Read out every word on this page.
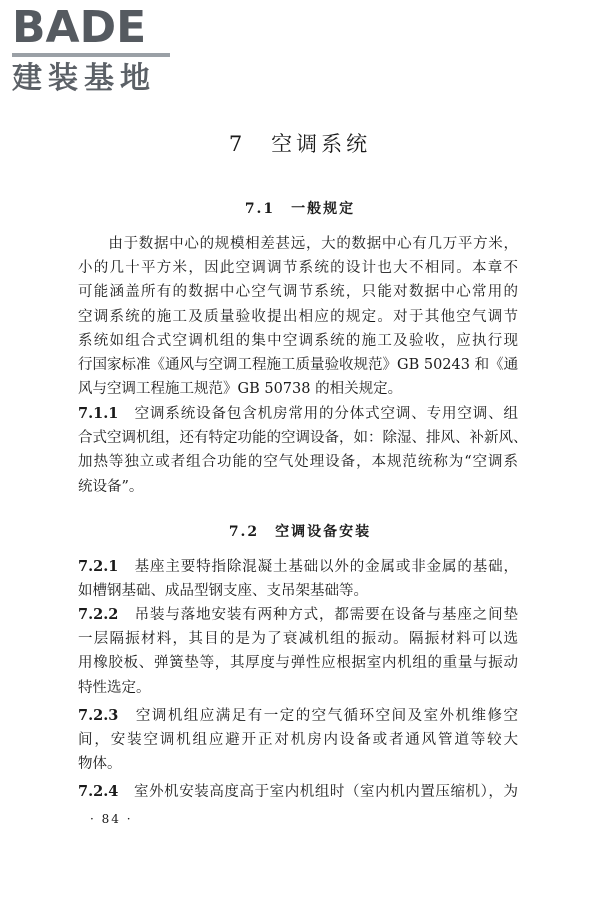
BADE
建装基地
7　空调系统
7.1　一般规定
　　由于数据中心的规模相差甚远，大的数据中心有几万平方米，
小的几十平方米，因此空调调节系统的设计也大不相同。本章不
可能涵盖所有的数据中心空气调节系统，只能对数据中心常用的
空调系统的施工及质量验收提出相应的规定。对于其他空气调节
系统如组合式空调机组的集中空调系统的施工及验收，应执行现
行国家标准《通风与空调工程施工质量验收规范》GB 50243 和《通
风与空调工程施工规范》GB 50738 的相关规定。
7.1.1　空调系统设备包含机房常用的分体式空调、专用空调、组
合式空调机组，还有特定功能的空调设备，如：除湿、排风、补新风、
加热等独立或者组合功能的空气处理设备，本规范统称为“空调系
统设备”。
7.2　空调设备安装
7.2.1　基座主要特指除混凝土基础以外的金属或非金属的基础，
如槽钢基础、成品型钢支座、支吊架基础等。
7.2.2　吊装与落地安装有两种方式，都需要在设备与基座之间垫
一层隔振材料，其目的是为了衰减机组的振动。隔振材料可以选
用橡胶板、弹簧垫等，其厚度与弹性应根据室内机组的重量与振动
特性选定。
7.2.3　空调机组应满足有一定的空气循环空间及室外机维修空
间，安装空调机组应避开正对机房内设备或者通风管道等较大
物体。
7.2.4　室外机安装高度高于室内机组时（室内机内置压缩机），为
· 84 ·
